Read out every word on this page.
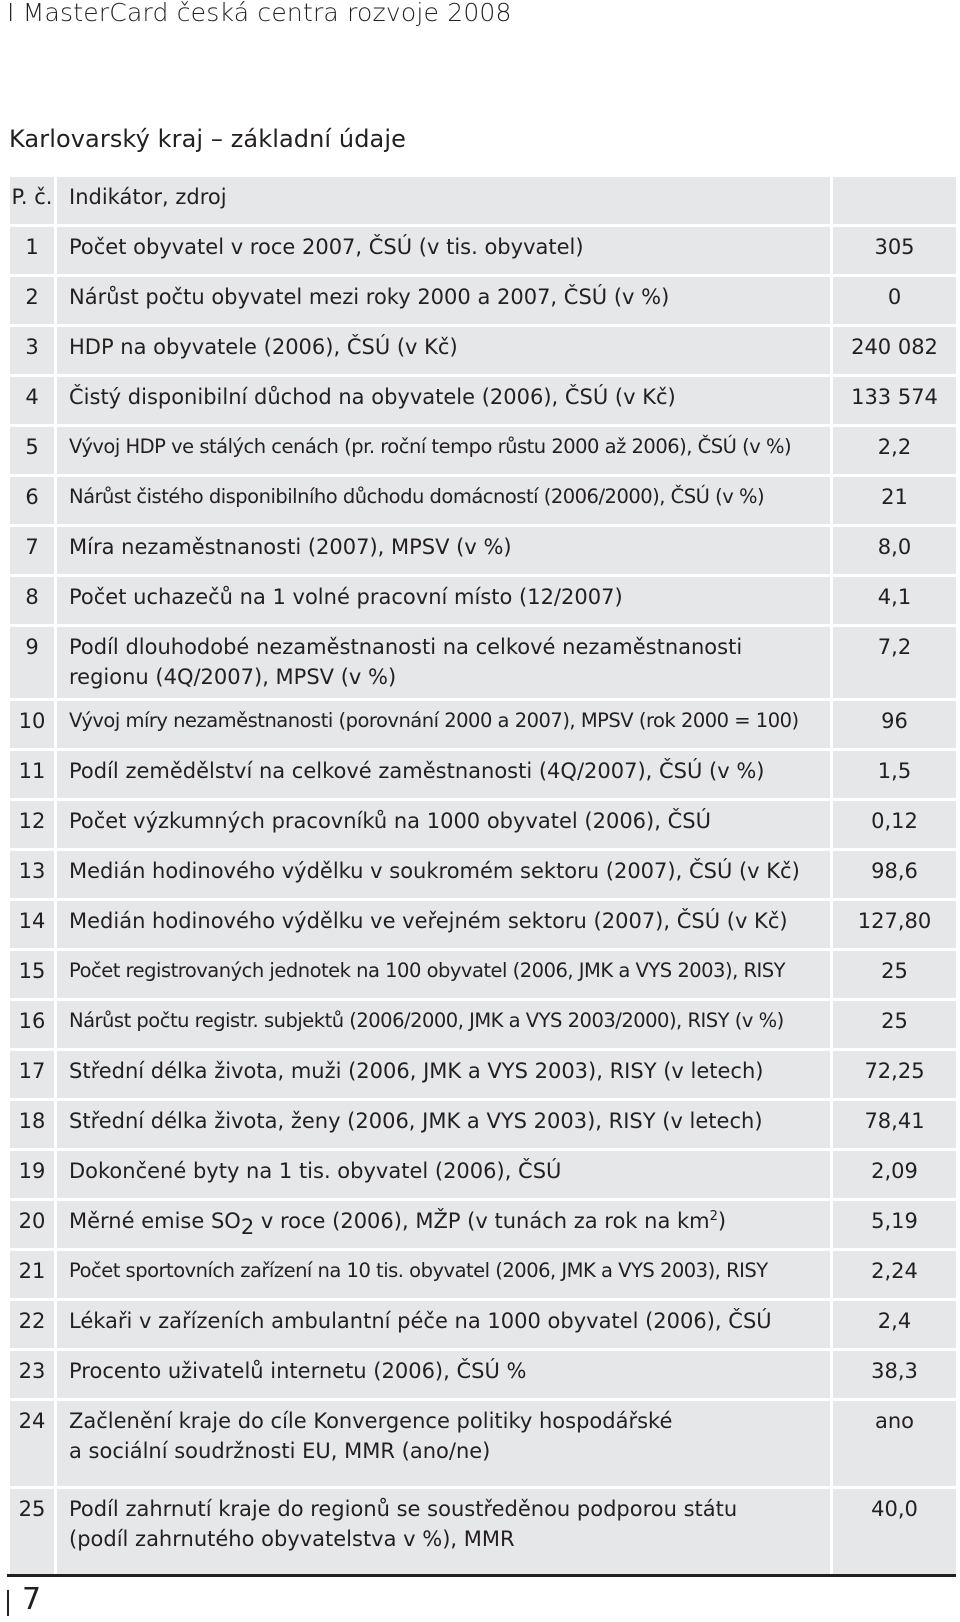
I MasterCard česká centra rozvoje 2008
Karlovarský kraj – základní údaje
P. č.	Indikátor, zdroj	
1	Počet obyvatel v roce 2007, ČSÚ (v tis. obyvatel)	305
2	Nárůst počtu obyvatel mezi roky 2000 a 2007, ČSÚ (v %)	0
3	HDP na obyvatele (2006), ČSÚ (v Kč)	240 082
4	Čistý disponibilní důchod na obyvatele (2006), ČSÚ (v Kč)	133 574
5	Vývoj HDP ve stálých cenách (pr. roční tempo růstu 2000 až 2006), ČSÚ (v %)	2,2
6	Nárůst čistého disponibilního důchodu domácností (2006/2000), ČSÚ (v %)	21
7	Míra nezaměstnanosti (2007), MPSV (v %)	8,0
8	Počet uchazečů na 1 volné pracovní místo (12/2007)	4,1
9	Podíl dlouhodobé nezaměstnanosti na celkové nezaměstnanosti regionu (4Q/2007), MPSV (v %)	7,2
10	Vývoj míry nezaměstnanosti (porovnání 2000 a 2007), MPSV (rok 2000 = 100)	96
11	Podíl zemědělství na celkové zaměstnanosti (4Q/2007), ČSÚ (v %)	1,5
12	Počet výzkumných pracovníků na 1000 obyvatel (2006), ČSÚ	0,12
13	Medián hodinového výdělku v soukromém sektoru (2007), ČSÚ (v Kč)	98,6
14	Medián hodinového výdělku ve veřejném sektoru (2007), ČSÚ (v Kč)	127,80
15	Počet registrovaných jednotek na 100 obyvatel (2006, JMK a VYS 2003), RISY	25
16	Nárůst počtu registr. subjektů (2006/2000, JMK a VYS 2003/2000), RISY (v %)	25
17	Střední délka života, muži (2006, JMK a VYS 2003), RISY (v letech)	72,25
18	Střední délka života, ženy (2006, JMK a VYS 2003), RISY (v letech)	78,41
19	Dokončené byty na 1 tis. obyvatel (2006), ČSÚ	2,09
20	Měrné emise $SO_2$ v roce (2006), MŽP (v tunách za rok na $km^2$)	5,19
21	Počet sportovních zařízení na 10 tis. obyvatel (2006, JMK a VYS 2003), RISY	2,24
22	Lékaři v zařízeních ambulantní péče na 1000 obyvatel (2006), ČSÚ	2,4
23	Procento uživatelů internetu (2006), ČSÚ %	38,3
24	Začlenění kraje do cíle Konvergence politiky hospodářské
a sociální soudržnosti EU, MMR (ano/ne)	ano
25	Podíl zahrnutí kraje do regionů se soustředěnou podporou státu
(podíl zahrnutého obyvatelstva v %), MMR	40,0
7
